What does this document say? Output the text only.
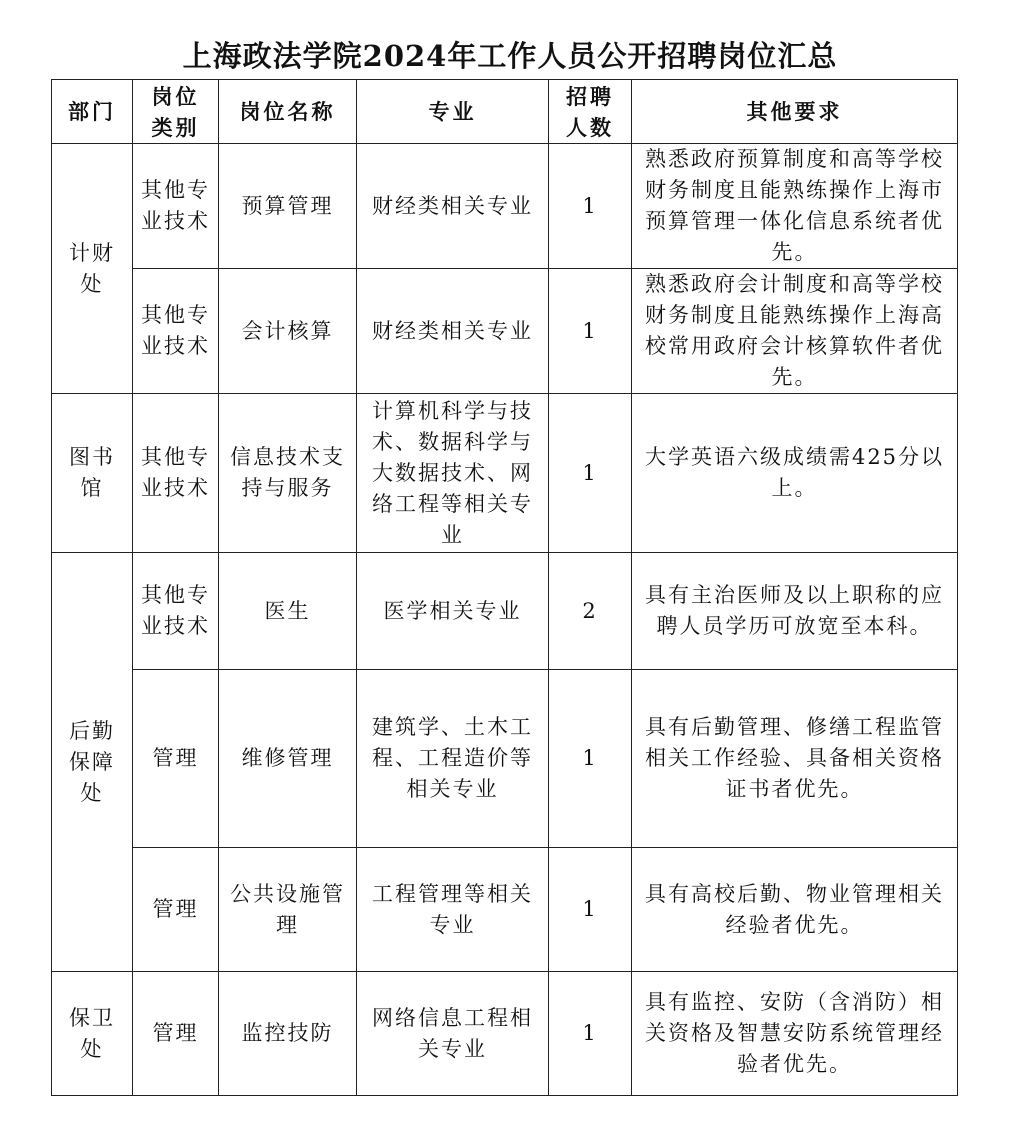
上海政法学院2024年工作人员公开招聘岗位汇总
部门	岗位类别	岗位名称	专业	招聘人数	其他要求
计财处	其他专业技术	预算管理	财经类相关专业	1	熟悉政府预算制度和高等学校财务制度且能熟练操作上海市预算管理一体化信息系统者优先。
	其他专业技术	会计核算	财经类相关专业	1	熟悉政府会计制度和高等学校财务制度且能熟练操作上海高校常用政府会计核算软件者优先。
图书馆	其他专业技术	信息技术支持与服务	计算机科学与技术、数据科学与大数据技术、网络工程等相关专业	1	大学英语六级成绩需425分以上。
后勤保障处	其他专业技术	医生	医学相关专业	2	具有主治医师及以上职称的应聘人员学历可放宽至本科。
	管理	维修管理	建筑学、土木工程、工程造价等相关专业	1	具有后勤管理、修缮工程监管相关工作经验、具备相关资格证书者优先。
	管理	公共设施管理	工程管理等相关专业	1	具有高校后勤、物业管理相关经验者优先。
保卫处	管理	监控技防	网络信息工程相关专业	1	具有监控、安防（含消防）相关资格及智慧安防系统管理经验者优先。
